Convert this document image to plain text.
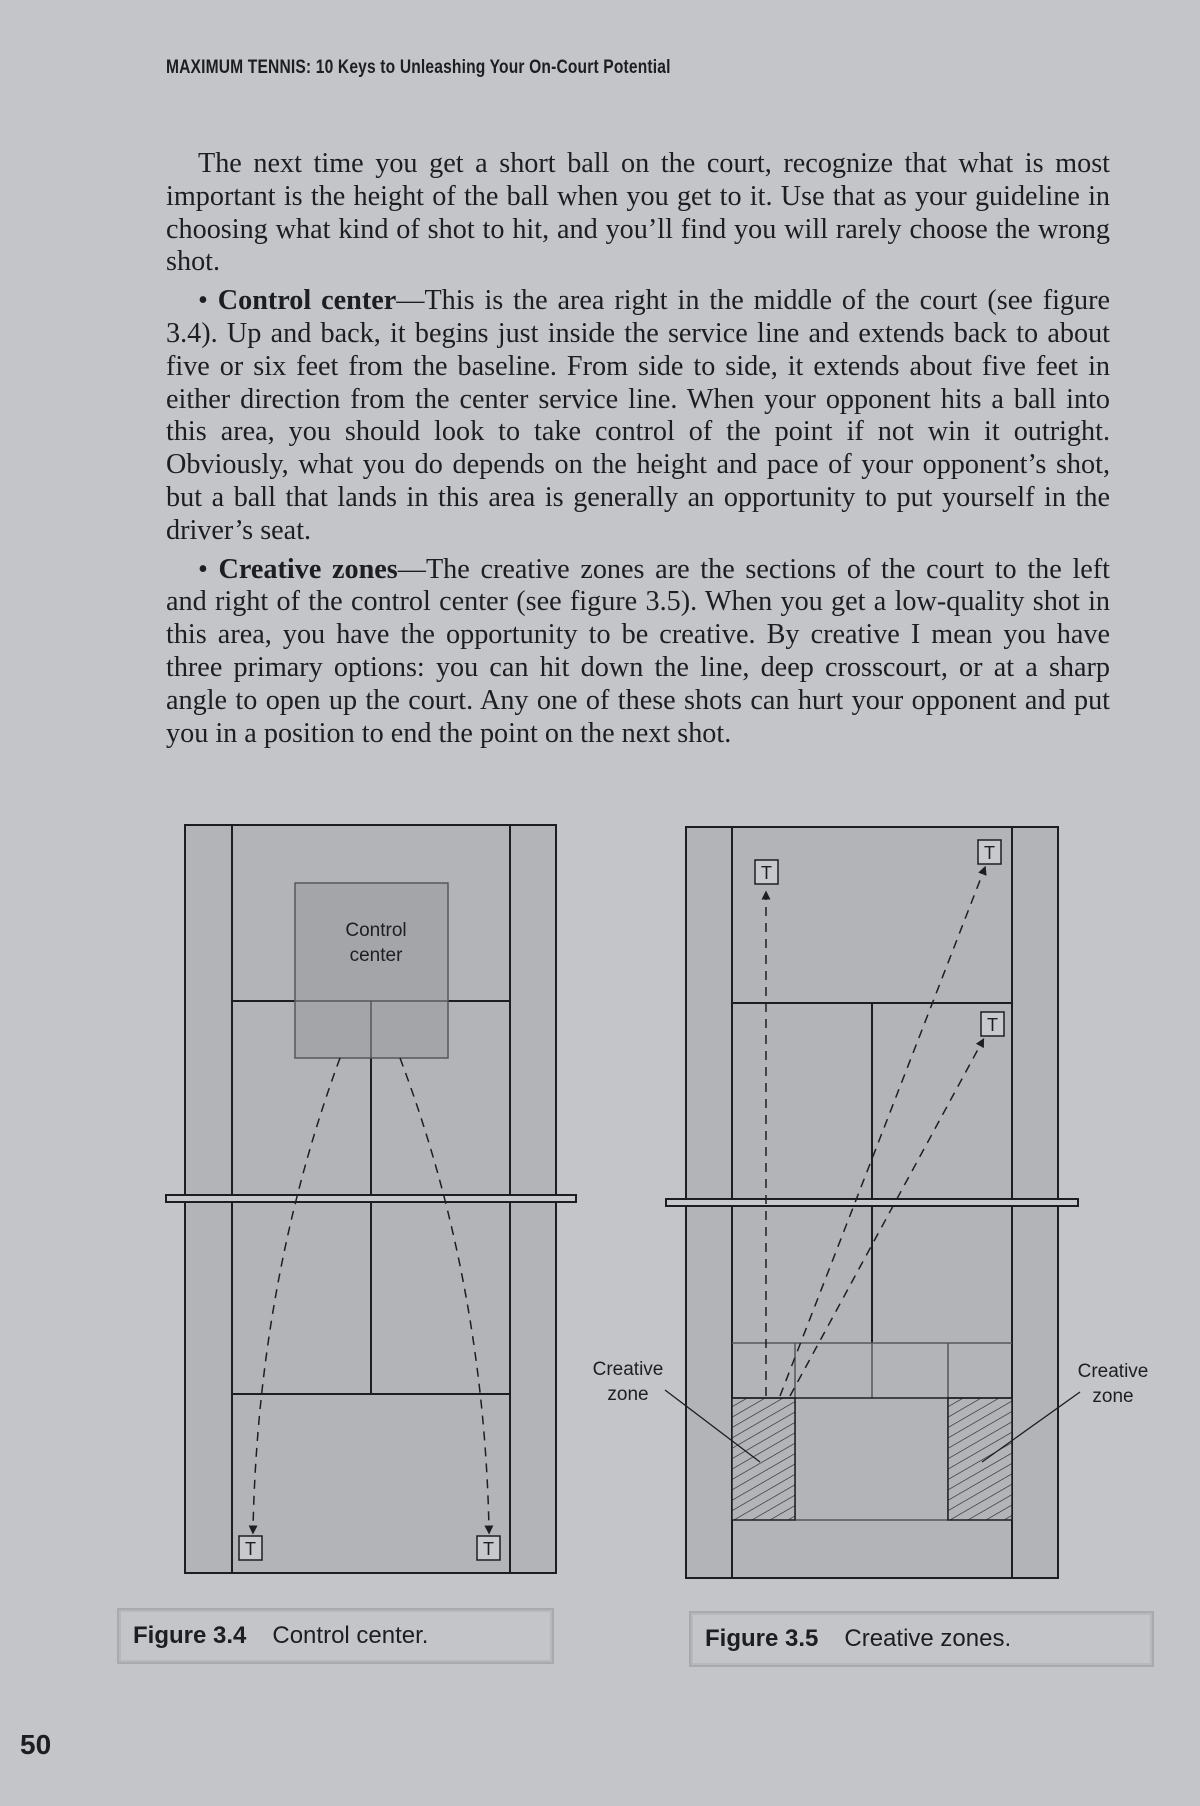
MAXIMUM TENNIS: 10 Keys to Unleashing Your On-Court Potential

The next time you get a short ball on the court, recognize that what is most important is the height of the ball when you get to it. Use that as your guideline in choosing what kind of shot to hit, and you’ll find you will rarely choose the wrong shot.

• Control center—This is the area right in the middle of the court (see figure 3.4). Up and back, it begins just inside the service line and extends back to about five or six feet from the baseline. From side to side, it extends about five feet in either direction from the center service line. When your opponent hits a ball into this area, you should look to take control of the point if not win it outright. Obviously, what you do depends on the height and pace of your opponent’s shot, but a ball that lands in this area is generally an opportunity to put yourself in the driver’s seat.

• Creative zones—The creative zones are the sections of the court to the left and right of the control center (see figure 3.5). When you get a low-quality shot in this area, you have the opportunity to be creative. By creative I mean you have three primary options: you can hit down the line, deep crosscourt, or at a sharp angle to open up the court. Any one of these shots can hurt your opponent and put you in a position to end the point on the next shot.

Control
center
T	T
T
T
T
Creative
zone
Creative
zone
Figure 3.4 Control center.	Figure 3.5 Creative zones.
50
